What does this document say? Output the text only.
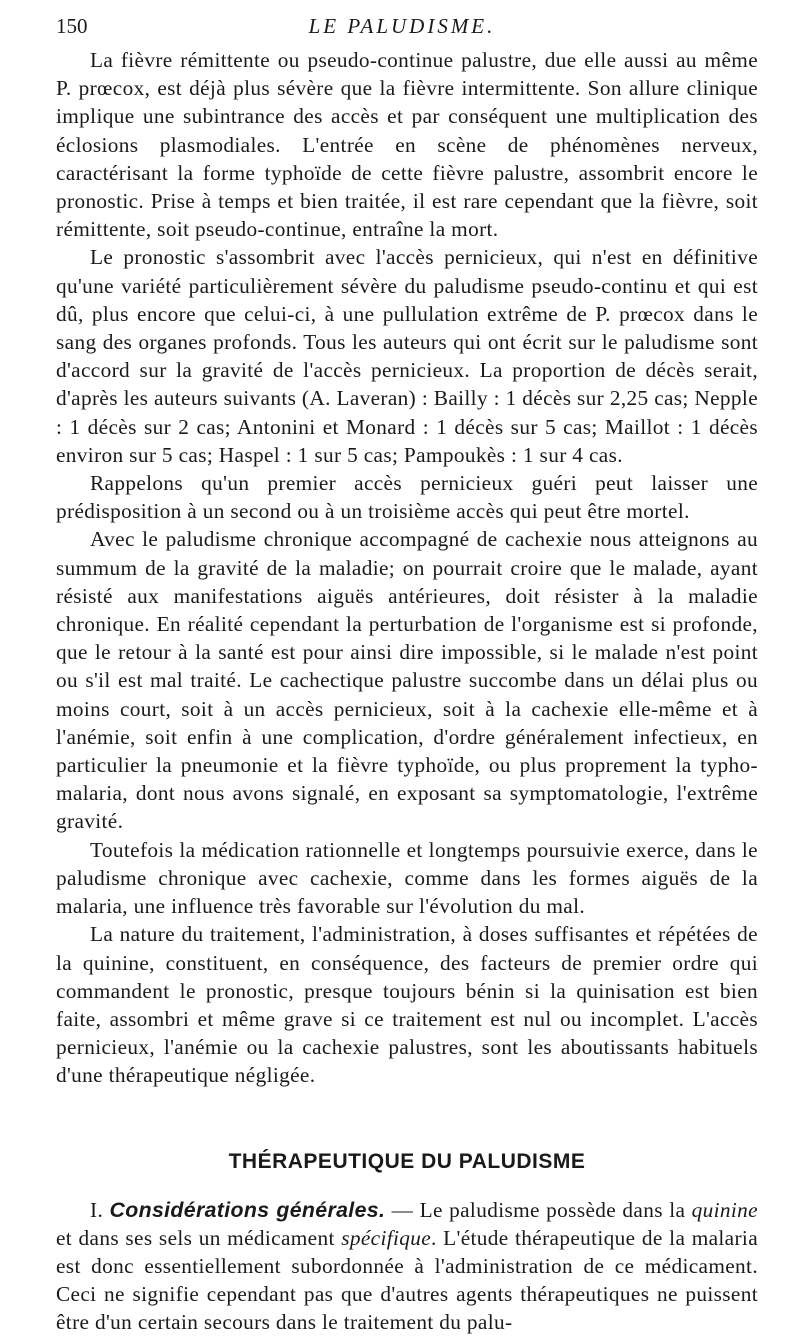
150	LE PALUDISME.

La fièvre rémittente ou pseudo-continue palustre, due elle aussi au même P. prœcox, est déjà plus sévère que la fièvre intermittente. Son allure clinique implique une subintrance des accès et par conséquent une multiplication des éclosions plasmodiales. L'entrée en scène de phénomènes nerveux, caractérisant la forme typhoïde de cette fièvre palustre, assombrit encore le pronostic. Prise à temps et bien traitée, il est rare cependant que la fièvre, soit rémittente, soit pseudo-continue, entraîne la mort.

Le pronostic s'assombrit avec l'accès pernicieux, qui n'est en définitive qu'une variété particulièrement sévère du paludisme pseudo-continu et qui est dû, plus encore que celui-ci, à une pullulation extrême de P. prœcox dans le sang des organes profonds. Tous les auteurs qui ont écrit sur le paludisme sont d'accord sur la gravité de l'accès pernicieux. La proportion de décès serait, d'après les auteurs suivants (A. Laveran) : Bailly : 1 décès sur 2,25 cas; Nepple : 1 décès sur 2 cas; Antonini et Monard : 1 décès sur 5 cas; Maillot : 1 décès environ sur 5 cas; Haspel : 1 sur 5 cas; Pampoukès : 1 sur 4 cas.

Rappelons qu'un premier accès pernicieux guéri peut laisser une prédisposition à un second ou à un troisième accès qui peut être mortel.

Avec le paludisme chronique accompagné de cachexie nous atteignons au summum de la gravité de la maladie; on pourrait croire que le malade, ayant résisté aux manifestations aiguës antérieures, doit résister à la maladie chronique. En réalité cependant la perturbation de l'organisme est si profonde, que le retour à la santé est pour ainsi dire impossible, si le malade n'est point ou s'il est mal traité. Le cachectique palustre succombe dans un délai plus ou moins court, soit à un accès pernicieux, soit à la cachexie elle-même et à l'anémie, soit enfin à une complication, d'ordre généralement infectieux, en particulier la pneumonie et la fièvre typhoïde, ou plus proprement la typho-malaria, dont nous avons signalé, en exposant sa symptomatologie, l'extrême gravité.

Toutefois la médication rationnelle et longtemps poursuivie exerce, dans le paludisme chronique avec cachexie, comme dans les formes aiguës de la malaria, une influence très favorable sur l'évolution du mal.

La nature du traitement, l'administration, à doses suffisantes et répétées de la quinine, constituent, en conséquence, des facteurs de premier ordre qui commandent le pronostic, presque toujours bénin si la quinisation est bien faite, assombri et même grave si ce traitement est nul ou incomplet. L'accès pernicieux, l'anémie ou la cachexie palustres, sont les aboutissants habituels d'une thérapeutique négligée.

THÉRAPEUTIQUE DU PALUDISME

I. Considérations générales. — Le paludisme possède dans la quinine et dans ses sels un médicament spécifique. L'étude thérapeutique de la malaria est donc essentiellement subordonnée à l'administration de ce médicament. Ceci ne signifie cependant pas que d'autres agents thérapeutiques ne puissent être d'un certain secours dans le traitement du palu-
